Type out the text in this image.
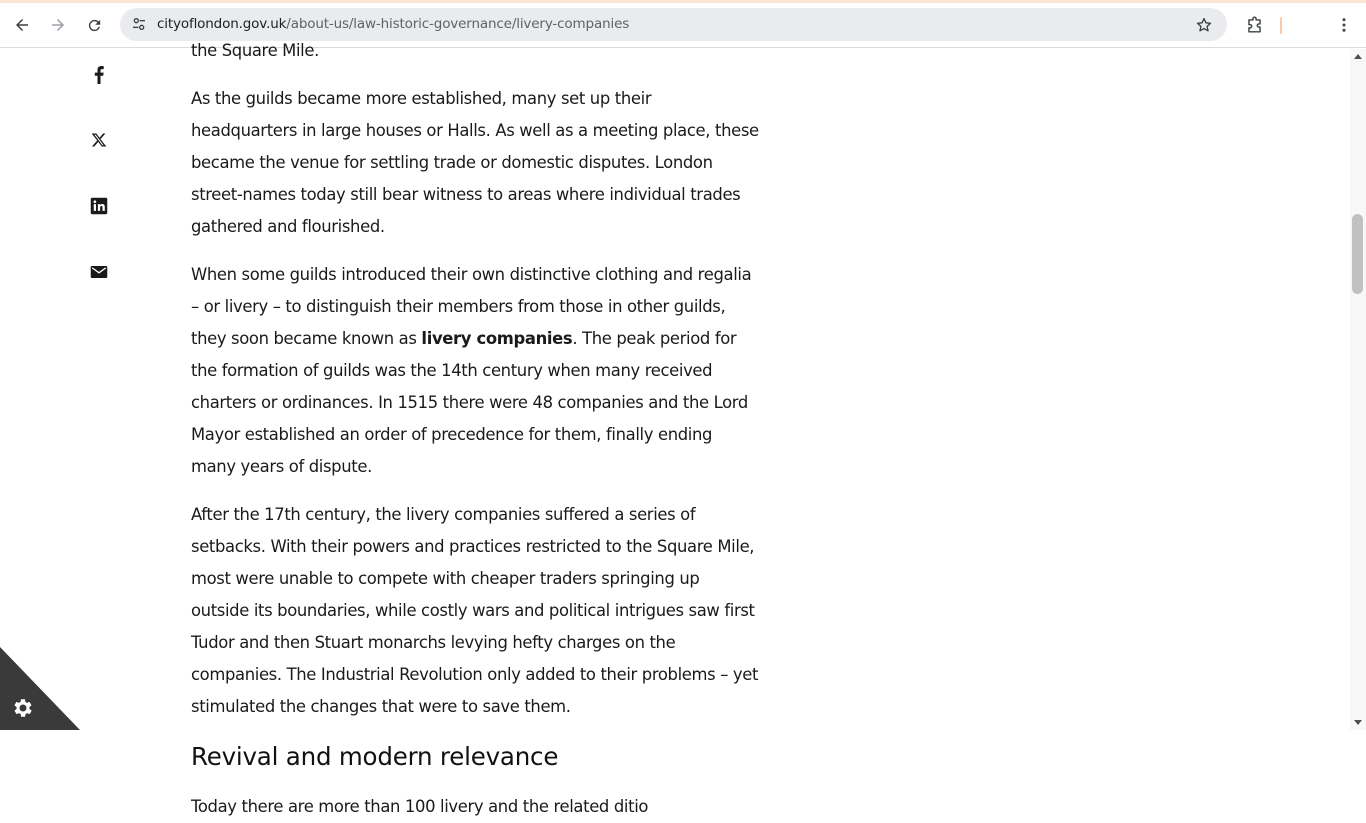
cityoflondon.gov.uk/about-us/law-historic-governance/livery-companies

the Square Mile.

As the guilds became more established, many set up their headquarters in large houses or Halls. As well as a meeting place, these became the venue for settling trade or domestic disputes. London street-names today still bear witness to areas where individual trades gathered and flourished.

When some guilds introduced their own distinctive clothing and regalia – or livery – to distinguish their members from those in other guilds, they soon became known as livery companies. The peak period for the formation of guilds was the 14th century when many received charters or ordinances. In 1515 there were 48 companies and the Lord Mayor established an order of precedence for them, finally ending many years of dispute.

After the 17th century, the livery companies suffered a series of setbacks. With their powers and practices restricted to the Square Mile, most were unable to compete with cheaper traders springing up outside its boundaries, while costly wars and political intrigues saw first Tudor and then Stuart monarchs levying hefty charges on the companies. The Industrial Revolution only added to their problems – yet stimulated the changes that were to save them.

Revival and modern relevance
Today there are more than 100 livery and the related ditio
